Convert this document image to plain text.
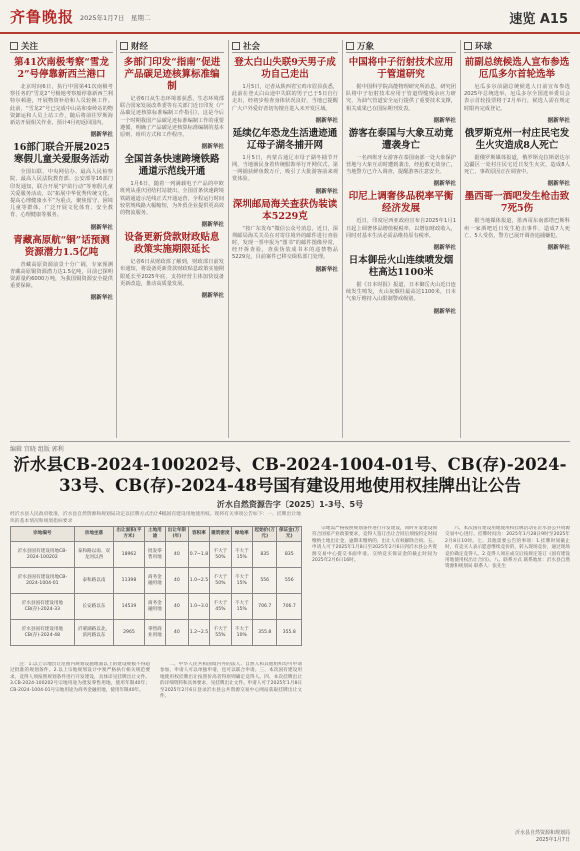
齐鲁晚报 2025年1月7日　 星期二	速览 A15
关注
第41次南极考察“雪龙2”号停靠新西兰港口

北京时间6日，执行中国第41次南极考察任务的“雪龙2”号极地考察船停靠新西兰利特尔顿港，开展物资补给和人员轮换工作。此前，“雪龙2”号已完成中山站和秦岭站的物资卸运和人员上站工作，随后将前往罗斯海新站开展相关作业，预计4月初返回国内。

据新华社
16部门联合开展2025寒假儿童关爱服务活动

全国妇联、中央网信办、最高人民检察院、最高人民法院教育部、公安部等16部门印发通知，联合开展“护苗行动”等寒假儿童关爱服务活动，以“拓展中华优秀传统文化、提高心理健康水平”为重点，聚焦留守、困境儿童等群体，广泛开展文化体育、安全教育、心理健康等服务。

据新华社
青藏高原航“铜”话预测资源潜力1.5亿吨

青藏高原资源前景十分广阔，专家预测青藏高原铜资源潜力达1.5亿吨，目前已探明资源量约6000万吨，为我国铜资源安全提供重要保障。

据新华社
财经
多部门印发“指南”促进产品碳足迹核算标准编制

记者6日从生态环境部获悉，生态环境部联合国家发展改革委等有关部门近日印发《产品碳足迹核算标准编制工作指引》，这是今后一个时期我国产品碳足迹标准编制工作的重要遵循，明确了产品碳足迹核算标准编制的基本原则、组织方式和工作程序。

据新华社
全国首条快速跨境铁路通道示范线开通

1月6日，随着一列满载电子产品的中欧班列从重庆团结村站驶出，全国首条快速跨境铁路通道示范线正式开通运营，全程运行时间较常规线路大幅缩短，为外贸企业提供更高效的物流服务。

据新华社
设备更新贷款财政贴息政策实施期限延长

记者6日从财政部了解到，财政部日前发布通知，将设备更新贷款财政贴息政策实施期限延长至2025年底，支持经营主体加快设备更新改造，推动高质量发展。

据新华社
社会
登太白山失联9天男子成功自己走出

1月5日，记者从陕西省宝鸡市眉县获悉，此前在登太白山途中失联的男子已于5日自行走出，经初步检查身体状况良好，当地已提醒广大户外爱好者切勿擅自进入未开发区域。

据新华社
延续亿年恐龙生活遗迹通辽母子湖冬捕开网

1月5日，内蒙古通辽市母子湖冬捕节开网，当地渔民身着传统服饰举行开网仪式，第一网捕获鲜鱼数万斤，吸引了大批游客前来观赏体验。

据新华社
深圳邮局海关查获伪装读本5229克

“按广东发布”微信公众号消息，近日，深圳邮局海关关员在对寄往境外的邮件进行查验时，发现一票申报为“图书”的邮件图像异常，经开拆查验，查获伪装成书本的违禁物品5229克，目前案件已移交缉私部门处理。

据新华社
万象
中国将中子衍射技术应用于管道研究

据中国科学院高能物理研究所消息，研究团队将中子衍射技术应用于管道焊缝残余应力研究，为油气管道安全运行提供了重要技术支撑，相关成果已在国际期刊发表。

据新华社
游客在泰国与大象互动竟遭袭身亡

一名西班牙女游客在泰国南部一处大象保护营地与大象互动时遭到袭击，经抢救无效身亡，当地警方已介入调查，提醒游客注意安全。

据新华社
印尼上调奢侈品税率平衡经济发展

近日，印度尼西亚政府宣布自2025年1月1日起上调奢侈品增值税税率，以增加财政收入，同时对基本生活必需品维持原有税率。

据新华社
日本御岳火山连续喷发烟柱高达1100米

据《日本时报》报道，日本御岳火山近日连续发生喷发，火山灰烟柱最高达1100米，日本气象厅维持入山限制警戒级别。

据新华社
环球
前副总统候选人宣布参选厄瓜多尔首轮选举

厄瓜多尔前副总统候选人日前宣布参选2025年总统选举，厄瓜多尔全国选举委员会表示首轮投票将于2月举行，候选人需在规定时限内完成登记。

据新华社
俄罗斯克州一村庄民宅发生火灾造成8人死亡

据俄罗斯媒体报道，俄罗斯克拉斯诺达尔边疆区一处村庄民宅近日发生火灾，造成8人死亡，事故原因正在调查中。

据新华社
墨西哥一酒吧发生枪击致7死5伤

据当地媒体报道，墨西哥东南部塔巴斯科州一家酒吧近日发生枪击事件，造成7人死亡、5人受伤，警方已展开调查追捕嫌犯。

据新华社
编辑 宫晓 组版 郭利
沂水县CB-2024-100202号、CB-2024-1004-01号、CB(存)-2024-33号、CB(存)-2024-48号国有建设用地使用权挂牌出让公告
沂水自然资源告字〔2025〕1-3号、5号
经沂水县人民政府批准，沂水县自然资源和规划局决定以挂牌方式出让4幅国有建设用地使用权。现将有关事项公告如下：一、挂牌出让地块的基本情况和规划指标要求
宗地编号	宗地坐落	出让面积(平方米)	土地用途	出让年限(年)	容积率	建筑密度	绿地率	起始价(万元)	保证金(万元)
沂水县国有建设用地CB-2024-100202	泰和路以南、双龙河以西	18962	批发零售用地	40	0.7~1.8	不大于50%	不大于15%	835	835
沂水县国有建设用地CB-2024-1004-01	泰和路以南	11398	商务金融用地	40	1.0~2.5	不大于50%	不大于15%	556	556
沂水县国有建设用地CB(存)-2024-33	长安路以东	14539	商务金融用地	40	1.0~3.0	不大于45%	不大于15%	706.7	706.7
沂水县国有建设用地CB(存)-2024-48	沂蒙湖路以北、滨河路以东	2965	零售商业用地	40	1.2~2.5	不大于55%	不大于10%	355.8	355.8

注：1.以上宗地出让范围内规划设施地面以上的建设规模不得超过批准的规划条件。2.以上宗地规划设计中须严格执行相关规范要求，竞得人须按照规划条件进行开发建设，具体详见挂牌出让文件。3.CB-2024-100202号宗地用途为批发零售用地，使用年限40年；CB-2024-1004-01号宗地用途为商务金融用地，使用年限40年。

二、中华人民共和国境内外的法人、自然人和其他组织均可申请参加，申请人可以单独申请，也可以联合申请。三、本次国有建设用地使用权挂牌出让按照价高者得原则确定竞得人。四、本次挂牌出让的详细资料和具体要求，见挂牌出让文件。申请人可于2025年1月8日至2025年2月6日登录沂水县公共资源交易中心网站获取挂牌出让文件。

宗地需严格按照规划条件进行开发建设，同时开发建设须符合国家产业政策要求，竞得人签订出让合同后须按约定时间缴纳土地出让金，逾期未缴纳的，出让人有权解除合同。五、申请人可于2025年1月8日至2025年2月6日到沂水县公共资源交易中心提交书面申请。交纳竞买保证金的截止时间为2025年2月6日16时。

六、本次国有建设用地使用权挂牌活动在沂水县公共资源交易中心进行。挂牌时间为：2025年1月28日9时至2025年2月8日10时。七、其他需要公告的事项：1.挂牌时间截止时，有竞买人表示愿意继续竞价的，转入现场竞价，通过现场竞价确定竞得人。2.竞得人须在成交后按规定签订《国有建设用地使用权出让合同》。八、联系方式 联系地址：沂水县自然资源和规划局 联系人：张先生

沂水县自然资源和规划局
2025年1月7日
